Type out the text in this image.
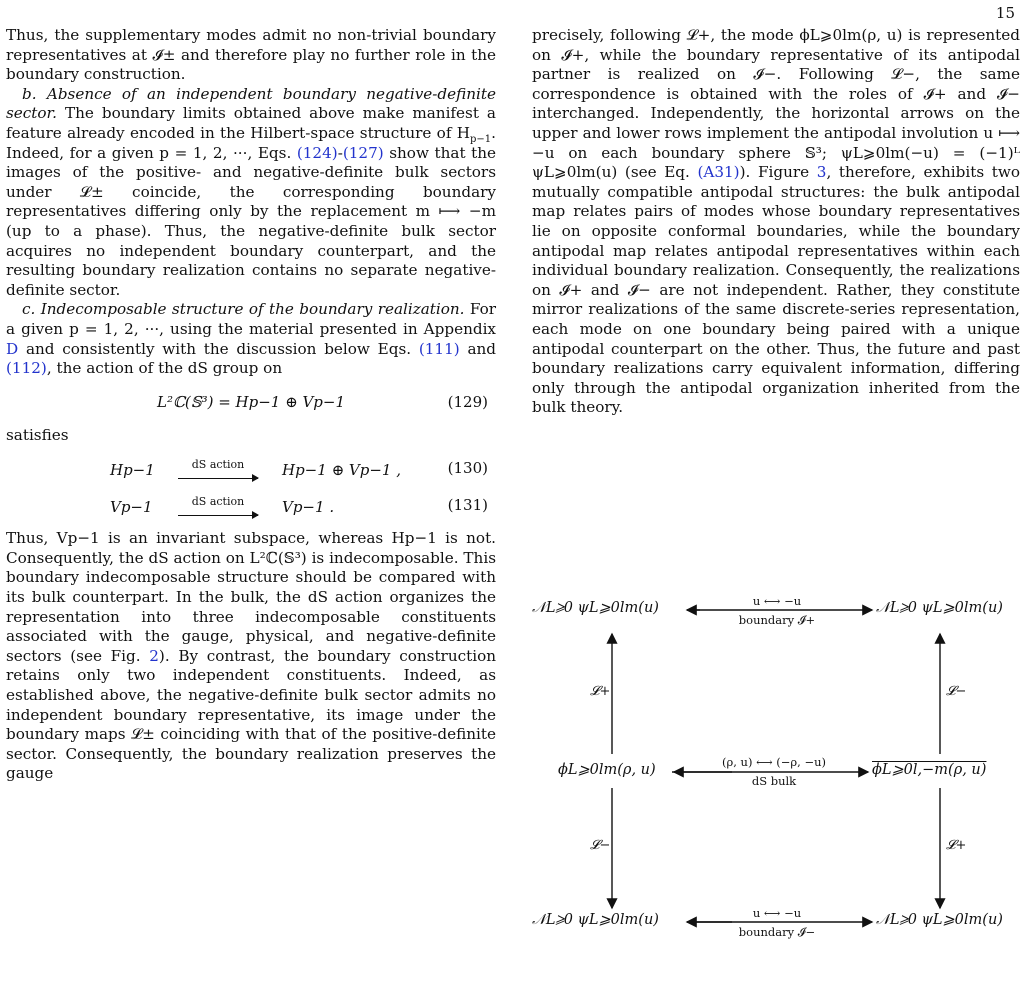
15

Thus, the supplementary modes admit no non-trivial boundary representatives at 𝓘± and therefore play no further role in the boundary construction.

b. Absence of an independent boundary negative-definite sector. The boundary limits obtained above make manifest a feature already encoded in the Hilbert-space structure of $H_{p-1}$. Indeed, for a given p = 1, 2, ···, Eqs. (124)-(127) show that the images of the positive- and negative-definite bulk sectors under 𝓛± coincide, the corresponding boundary representatives differing only by the replacement m ⟼ −m (up to a phase). Thus, the negative-definite bulk sector acquires no independent boundary counterpart, and the resulting boundary realization contains no separate negative-definite sector.

c. Indecomposable structure of the boundary realization. For a given p = 1, 2, ···, using the material presented in Appendix D and consistently with the discussion below Eqs. (111) and (112), the action of the dS group on

L²ℂ(𝕊³) = Hp−1 ⊕ Vp−1	(129)

satisfies

Hp−1	dS action	Hp−1 ⊕ Vp−1 ,	(130)
Vp−1	dS action	Vp−1 .	(131)

Thus, Vp−1 is an invariant subspace, whereas Hp−1 is not. Consequently, the dS action on L²ℂ(𝕊³) is indecomposable. This boundary indecomposable structure should be compared with its bulk counterpart. In the bulk, the dS action organizes the representation into three indecomposable constituents associated with the gauge, physical, and negative-definite sectors (see Fig. 2). By contrast, the boundary construction retains only two independent constituents. Indeed, as established above, the negative-definite bulk sector admits no independent boundary representative, its image under the boundary maps 𝓛± coinciding with that of the positive-definite sector. Consequently, the boundary realization preserves the gauge

precisely, following 𝓛+, the mode ϕL⩾0lm(ρ, u) is represented on 𝓘+, while the boundary representative of its antipodal partner is realized on 𝓘−. Following 𝓛−, the same correspondence is obtained with the roles of 𝓘+ and 𝓘− interchanged. Independently, the horizontal arrows on the upper and lower rows implement the antipodal involution u ⟼ −u on each boundary sphere 𝕊³; ψL⩾0lm(−u) = (−1)ᴸ ψL⩾0lm(u) (see Eq. (A31)). Figure 3, therefore, exhibits two mutually compatible antipodal structures: the bulk antipodal map relates pairs of modes whose boundary representatives lie on opposite conformal boundaries, while the boundary antipodal map relates antipodal representatives within each individual boundary realization. Consequently, the realizations on 𝓘+ and 𝓘− are not independent. Rather, they constitute mirror realizations of the same discrete-series representation, each mode on one boundary being paired with a unique antipodal counterpart on the other. Thus, the future and past boundary realizations carry equivalent information, differing only through the antipodal organization inherited from the bulk theory.

𝒩L⩾0 ψL⩾0lm(u)	𝒩L⩾0 ψL⩾0lm(u)
u ⟷ −u
boundary 𝓘+
ϕL⩾0lm(ρ, u)	ϕL⩾0l,−m(ρ, u)
(ρ, u) ⟷ (−ρ, −u)
dS bulk
𝒩L⩾0 ψL⩾0lm(u)	𝒩L⩾0 ψL⩾0lm(u)
u ⟷ −u
boundary 𝓘−
𝓛+
𝓛−
𝓛−
𝓛+
